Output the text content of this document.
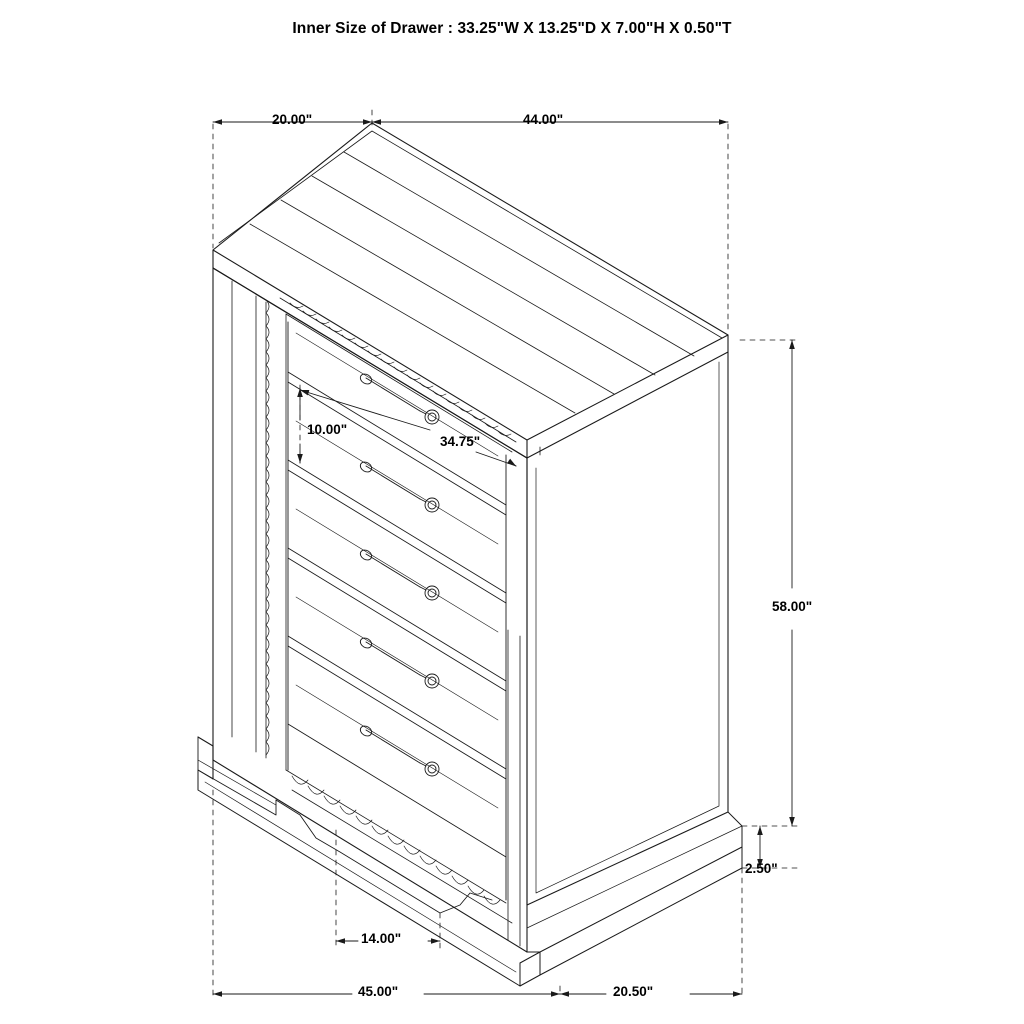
Inner Size of Drawer : 33.25"W X 13.25"D X 7.00"H X 0.50"T
20.00"	44.00"
10.00"
34.75"
58.00"
2.50"
14.00"
45.00"	20.50"
